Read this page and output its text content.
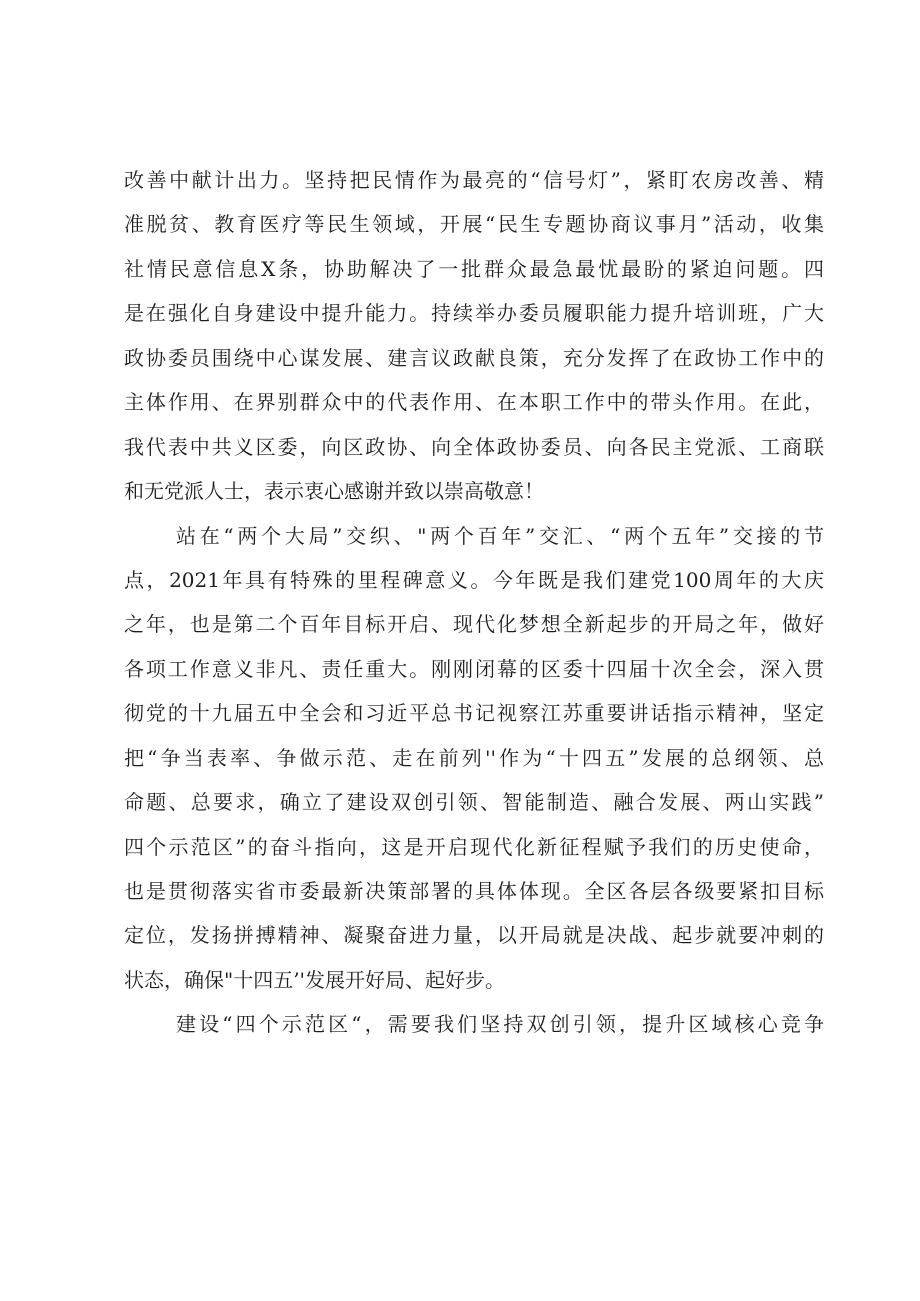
改善中献计出力。坚持把民情作为最亮的“信号灯”，紧盯农房改善、精
准脱贫、教育医疗等民生领域，开展“民生专题协商议事月”活动，收集
社情民意信息X条，协助解决了一批群众最急最忧最盼的紧迫问题。四
是在强化自身建设中提升能力。持续举办委员履职能力提升培训班，广大
政协委员围绕中心谋发展、建言议政献良策，充分发挥了在政协工作中的
主体作用、在界别群众中的代表作用、在本职工作中的带头作用。在此，
我代表中共义区委，向区政协、向全体政协委员、向各民主党派、工商联
和无党派人士，表示衷心感谢并致以崇高敬意！
站在“两个大局”交织、"两个百年”交汇、“两个五年”交接的节
点，2021年具有特殊的里程碑意义。今年既是我们建党100周年的大庆
之年，也是第二个百年目标开启、现代化梦想全新起步的开局之年，做好
各项工作意义非凡、责任重大。刚刚闭幕的区委十四届十次全会，深入贯
彻党的十九届五中全会和习近平总书记视察江苏重要讲话指示精神，坚定
把“争当表率、争做示范、走在前列''作为“十四五”发展的总纲领、总
命题、总要求，确立了建设双创引领、智能制造、融合发展、两山实践”
四个示范区”的奋斗指向，这是开启现代化新征程赋予我们的历史使命，
也是贯彻落实省市委最新决策部署的具体体现。全区各层各级要紧扣目标
定位，发扬拼搏精神、凝聚奋进力量，以开局就是决战、起步就要冲刺的
状态，确保"十四五’'发展开好局、起好步。
建设“四个示范区“，需要我们坚持双创引领，提升区域核心竞争
